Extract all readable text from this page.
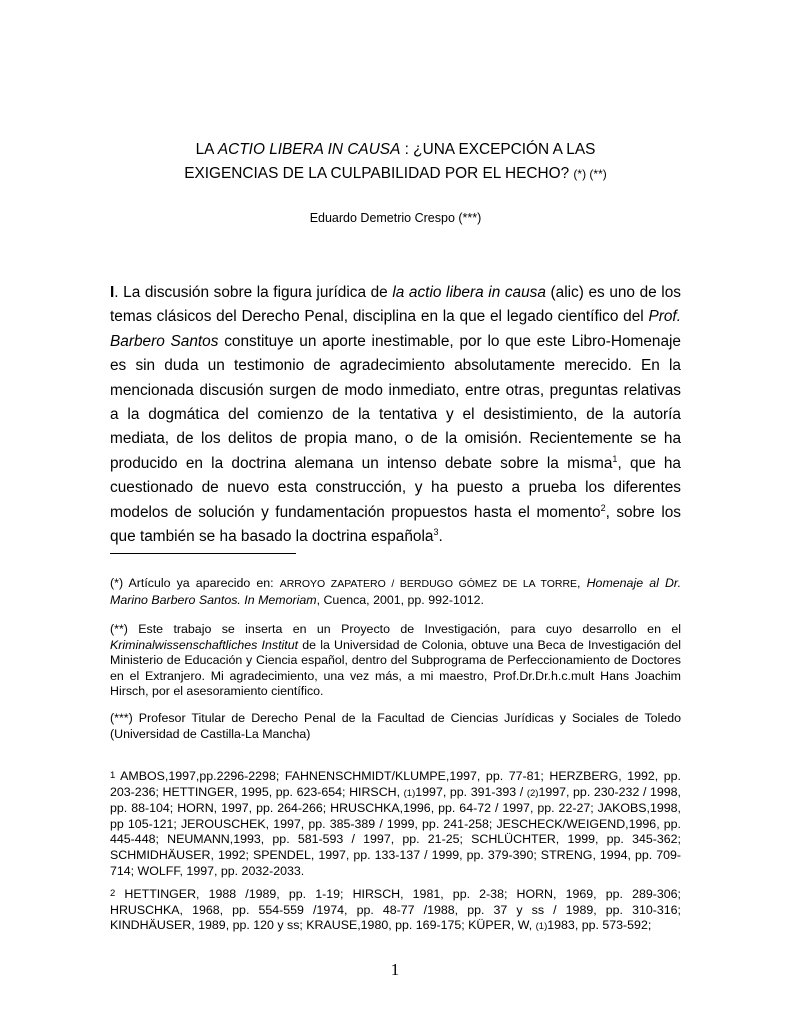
LA ACTIO LIBERA IN CAUSA : ¿UNA EXCEPCIÓN A LAS
EXIGENCIAS DE LA CULPABILIDAD POR EL HECHO? (*) (**)
Eduardo Demetrio Crespo (***)

I. La discusión sobre la figura jurídica de la actio libera in causa (alic) es uno de los temas clásicos del Derecho Penal, disciplina en la que el legado científico del Prof. Barbero Santos constituye un aporte inestimable, por lo que este Libro-Homenaje es sin duda un testimonio de agradecimiento absolutamente merecido. En la mencionada discusión surgen de modo inmediato, entre otras, preguntas relativas a la dogmática del comienzo de la tentativa y el desistimiento, de la autoría mediata, de los delitos de propia mano, o de la omisión. Recientemente se ha producido en la doctrina alemana un intenso debate sobre la misma$^1$, que ha cuestionado de nuevo esta construcción, y ha puesto a prueba los diferentes modelos de solución y fundamentación propuestos hasta el momento$^2$, sobre los que también se ha basado la doctrina española$^3$.

(*) Artículo ya aparecido en: ARROYO ZAPATERO / BERDUGO GÓMEZ DE LA TORRE, Homenaje al Dr. Marino Barbero Santos. In Memoriam, Cuenca, 2001, pp. 992-1012.

(**) Este trabajo se inserta en un Proyecto de Investigación, para cuyo desarrollo en el Kriminalwissenschaftliches Institut de la Universidad de Colonia, obtuve una Beca de Investigación del Ministerio de Educación y Ciencia español, dentro del Subprograma de Perfeccionamiento de Doctores en el Extranjero. Mi agradecimiento, una vez más, a mi maestro, Prof.Dr.Dr.h.c.mult Hans Joachim Hirsch, por el asesoramiento científico.

(***) Profesor Titular de Derecho Penal de la Facultad de Ciencias Jurídicas y Sociales de Toledo (Universidad de Castilla-La Mancha)

1 AMBOS,1997,pp.2296-2298; FAHNENSCHMIDT/KLUMPE,1997, pp. 77-81; HERZBERG, 1992, pp. 203-236; HETTINGER, 1995, pp. 623-654; HIRSCH, (1)1997, pp. 391-393 / (2)1997, pp. 230-232 / 1998, pp. 88-104; HORN, 1997, pp. 264-266; HRUSCHKA,1996, pp. 64-72 / 1997, pp. 22-27; JAKOBS,1998, pp 105-121; JEROUSCHEK, 1997, pp. 385-389 / 1999, pp. 241-258; JESCHECK/WEIGEND,1996, pp. 445-448; NEUMANN,1993, pp. 581-593 / 1997, pp. 21-25; SCHLÜCHTER, 1999, pp. 345-362; SCHMIDHÄUSER, 1992; SPENDEL, 1997, pp. 133-137 / 1999, pp. 379-390; STRENG, 1994, pp. 709-714; WOLFF, 1997, pp. 2032-2033.

2 HETTINGER, 1988 /1989, pp. 1-19; HIRSCH, 1981, pp. 2-38; HORN, 1969, pp. 289-306; HRUSCHKA, 1968, pp. 554-559 /1974, pp. 48-77 /1988, pp. 37 y ss / 1989, pp. 310-316; KINDHÄUSER, 1989, pp. 120 y ss; KRAUSE,1980, pp. 169-175; KÜPER, W, (1)1983, pp. 573-592;

1
